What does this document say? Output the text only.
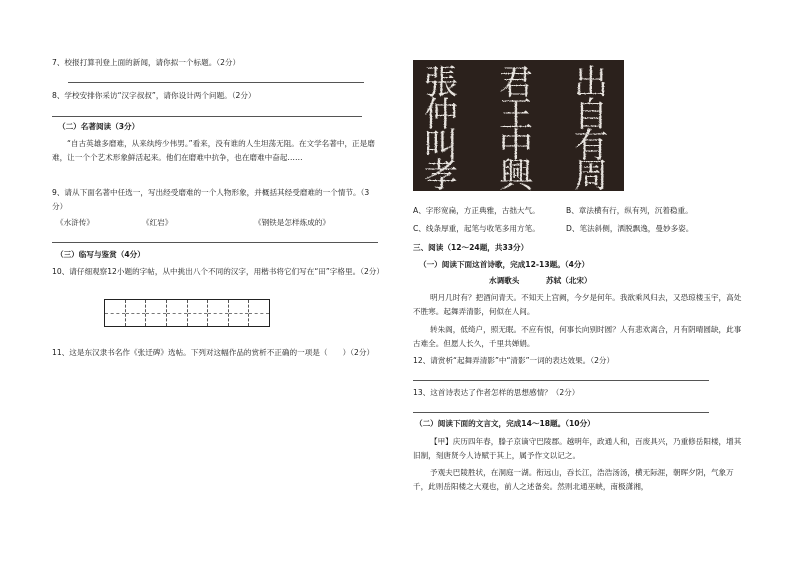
7、校报打算刊登上面的新闻，请你拟一个标题。（2分）
8、学校安排你采访“汉字叔叔”，请你设计两个问题。（2分）
（二）名著阅读（3分）
“自古英雄多磨难，从来纨绔少伟男。”看来，没有谁的人生坦荡无阻。在文学名著中，正是磨难，让一个个艺术形象鲜活起来。他们在磨难中抗争，也在磨难中奋起……
9、请从下面名著中任选一，写出经受磨难的一个人物形象，并概括其经受磨难的一个情节。（3分）
《水浒传》	《红岩》	《钢铁是怎样炼成的》
（三）临写与鉴赏（4分）
10、请仔细观察12小题的字帖，从中挑出八个不同的汉字，用楷书将它们写在“田”字格里。（2分）
11、这是东汉隶书名作《张迁碑》选帖。下列对这幅作品的赏析不正确的一项是（　　）（2分）
張 君 出
仲 王 自
叫 中 有
孝 興 周
A、字形宽扁，方正典雅，古拙大气。	B、章法横有行，纵有列，沉着稳重。
C、线条厚重，起笔与收笔多用方笔。	D、笔法斜侧，洒脱飘逸，曼妙多姿。
三、阅读（12～24题，共33分）
（一）阅读下面这首诗歌，完成12-13题。（4分）
水调歌头	苏轼（北宋）
明月几时有？把酒问青天。不知天上宫阙，今夕是何年。我欲乘风归去，又恐琼楼玉宇，高处不胜寒。起舞弄清影，何似在人间。
转朱阁，低绮户，照无眠。不应有恨，何事长向别时圆？人有悲欢离合，月有阴晴圆缺，此事古难全。但愿人长久，千里共婵娟。
12、请赏析“起舞弄清影”中“清影”一词的表达效果。（2分）
13、这首诗表达了作者怎样的思想感情？（2分）
（二）阅读下面的文言文，完成14～18题。（10分）
【甲】庆历四年春，滕子京谪守巴陵郡。越明年，政通人和，百废具兴，乃重修岳阳楼，增其旧制，刻唐贤今人诗赋于其上，属予作文以记之。
予观夫巴陵胜状，在洞庭一湖。衔远山，吞长江，浩浩汤汤，横无际涯，朝晖夕阴，气象万千，此则岳阳楼之大观也，前人之述备矣。然则北通巫峡，南极潇湘，
